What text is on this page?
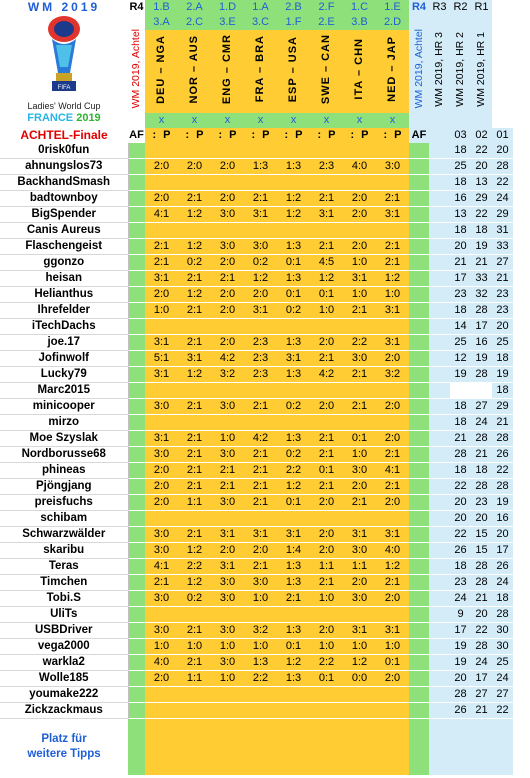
WM 2019	R4	1.B	2.A	1.D	1.A	2.B	2.F	1.C	1.E	R4	R3	R2	R1		

FIFA
Ladies' World Cup
FRANCE 2019	WM 2019, Achtel	3.A	2.C	3.E	3.C	1.F	2.E	3.B	2.D	WM 2019, Achtel	WM 2019, HR 3	WM 2019, HR 2	WM 2019, HR 1		
		DEU – NGA	NOR – AUS	ENG – CMR	FRA – BRA	ESP – USA	SWE – CAN	ITA – CHN	NED – JAP						

		x	x	x	x	x	x	x	x						
ACHTEL-Finale	AF	: P	: P	: P	: P	: P	: P	: P	: P	AF		03	02	01	
0risk0fun												18	22	20	
ahnungslos73		2:0	2:0	2:0	1:3	1:3	2:3	4:0	3:0			25	20	28	
BackhandSmash												18	13	22	
badtownboy		2:0	2:1	2:0	2:1	1:2	2:1	2:0	2:1			16	29	24	
BigSpender		4:1	1:2	3:0	3:1	1:2	3:1	2:0	3:1			13	22	29	
Canis Aureus												18	18	31	
Flaschengeist		2:1	1:2	3:0	3:0	1:3	2:1	2:0	2:1			20	19	33	
ggonzo		2:1	0:2	2:0	0:2	0:1	4:5	1:0	2:1			21	21	27	
heisan		3:1	2:1	2:1	1:2	1:3	1:2	3:1	1:2			17	33	21	
Helianthus		2:0	1:2	2:0	2:0	0:1	0:1	1:0	1:0			23	32	23	
Ihrefelder		1:0	2:1	2:0	3:1	0:2	1:0	2:1	3:1			18	28	23	
iTechDachs												14	17	20	
joe.17		3:1	2:1	2:0	2:3	1:3	2:0	2:2	3:1			25	16	25	
Jofinwolf		5:1	3:1	4:2	2:3	3:1	2:1	3:0	2:0			12	19	18	
Lucky79		3:1	1:2	3:2	2:3	1:3	4:2	2:1	3:2			19	28	19	
Marc2015														18	
minicooper		3:0	2:1	3:0	2:1	0:2	2:0	2:1	2:0			18	27	29	
mirzo												18	24	21	
Moe Szyslak		3:1	2:1	1:0	4:2	1:3	2:1	0:1	2:0			21	28	28	
Nordborusse68		3:0	2:1	3:0	2:1	0:2	2:1	1:0	2:1			28	21	26	
phineas		2:0	2:1	2:1	2:1	2:2	0:1	3:0	4:1			18	18	22	
Pjöngjang		2:0	2:1	2:1	2:1	1:2	2:1	2:0	2:1			22	28	28	
preisfuchs		2:0	1:1	3:0	2:1	0:1	2:0	2:1	2:0			20	23	19	
schibam												20	20	16	
Schwarzwälder		3:0	2:1	3:1	3:1	3:1	2:0	3:1	3:1			22	15	20	
skaribu		3:0	1:2	2:0	2:0	1:4	2:0	3:0	4:0			26	15	17	
Teras		4:1	2:2	3:1	2:1	1:3	1:1	1:1	1:2			18	28	26	
Timchen		2:1	1:2	3:0	3:0	1:3	2:1	2:0	2:1			23	28	24	
Tobi.S		3:0	0:2	3:0	1:0	2:1	1:0	3:0	2:0			24	21	18	
UliTs												9	20	28	
USBDriver		3:0	2:1	3:0	3:2	1:3	2:0	3:1	3:1			17	22	30	
vega2000		1:0	1:0	1:0	1:0	0:1	1:0	1:0	1:0			19	28	30	
warkla2		4:0	2:1	3:0	1:3	1:2	2:2	1:2	0:1			19	24	25	
Wolle185		2:0	1:1	1:0	2:2	1:3	0:1	0:0	2:0			20	17	24	
youmake222												28	27	27	
Zickzackmaus												26	21	22	

Platz für
weitere Tipps															
